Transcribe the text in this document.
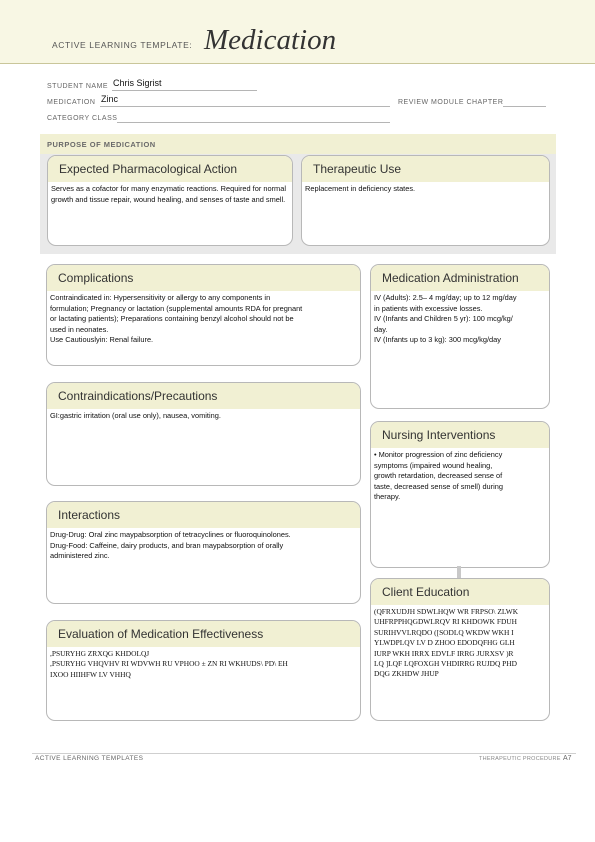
ACTIVE LEARNING TEMPLATE: Medication
STUDENT NAME Chris Sigrist
MEDICATION Zinc	REVIEW MODULE CHAPTER
CATEGORY CLASS
PURPOSE OF MEDICATION
Expected Pharmacological Action
Serves as a cofactor for many enzymatic reactions. Required for normal growth and tissue repair, wound healing, and senses of taste and smell.
Therapeutic Use
Replacement in deficiency states.
Complications
Contraindicated in: Hypersensitivity or allergy to any components in
formulation; Pregnancy or lactation (supplemental amounts RDA for pregnant
or lactating patients); Preparations containing benzyl alcohol should not be
used in neonates.
Use Cautiouslyin: Renal failure.
Medication Administration
IV (Adults): 2.5– 4 mg/day; up to 12 mg/day
in patients with excessive losses.
IV (Infants and Children 5 yr): 100 mcg/kg/
day.
IV (Infants up to 3 kg): 300 mcg/kg/day
Contraindications/Precautions
GI:gastric irritation (oral use only), nausea, vomiting.
Nursing Interventions
• Monitor progression of zinc deficiency
symptoms (impaired wound healing,
growth retardation, decreased sense of
taste, decreased sense of smell) during
therapy.
Interactions
Drug-Drug: Oral zinc maypabsorption of tetracyclines or fluoroquinolones.
Drug-Food: Caffeine, dairy products, and bran maypabsorption of orally
administered zinc.
Client Education
(QFRXUDJH SDWLHQW WR FRPSO\ ZLWK
UHFRPPHQGDWLRQV RI KHDOWK FDUH
SURIHVVLRQDO ([SODLQ WKDW WKH I
YLWDPLQV LV D ZHOO EDODQFHG GLH
IURP WKH IRRX EDVLF IRRG JURXSV )R
LQ ]LQF LQFOXGH VHDIRRG RUJDQ PHD
DQG ZKHDW JHUP
Evaluation of Medication Effectiveness
,PSURYHG ZRXQG KHDOLQJ
,PSURYHG VHQVHV RI WDVWH RU VPHOO ± ZN RI WKHUDS\ PD\ EH
IXOO HIIHFW LV VHHQ
ACTIVE LEARNING TEMPLATES	THERAPEUTIC PROCEDURE A7
